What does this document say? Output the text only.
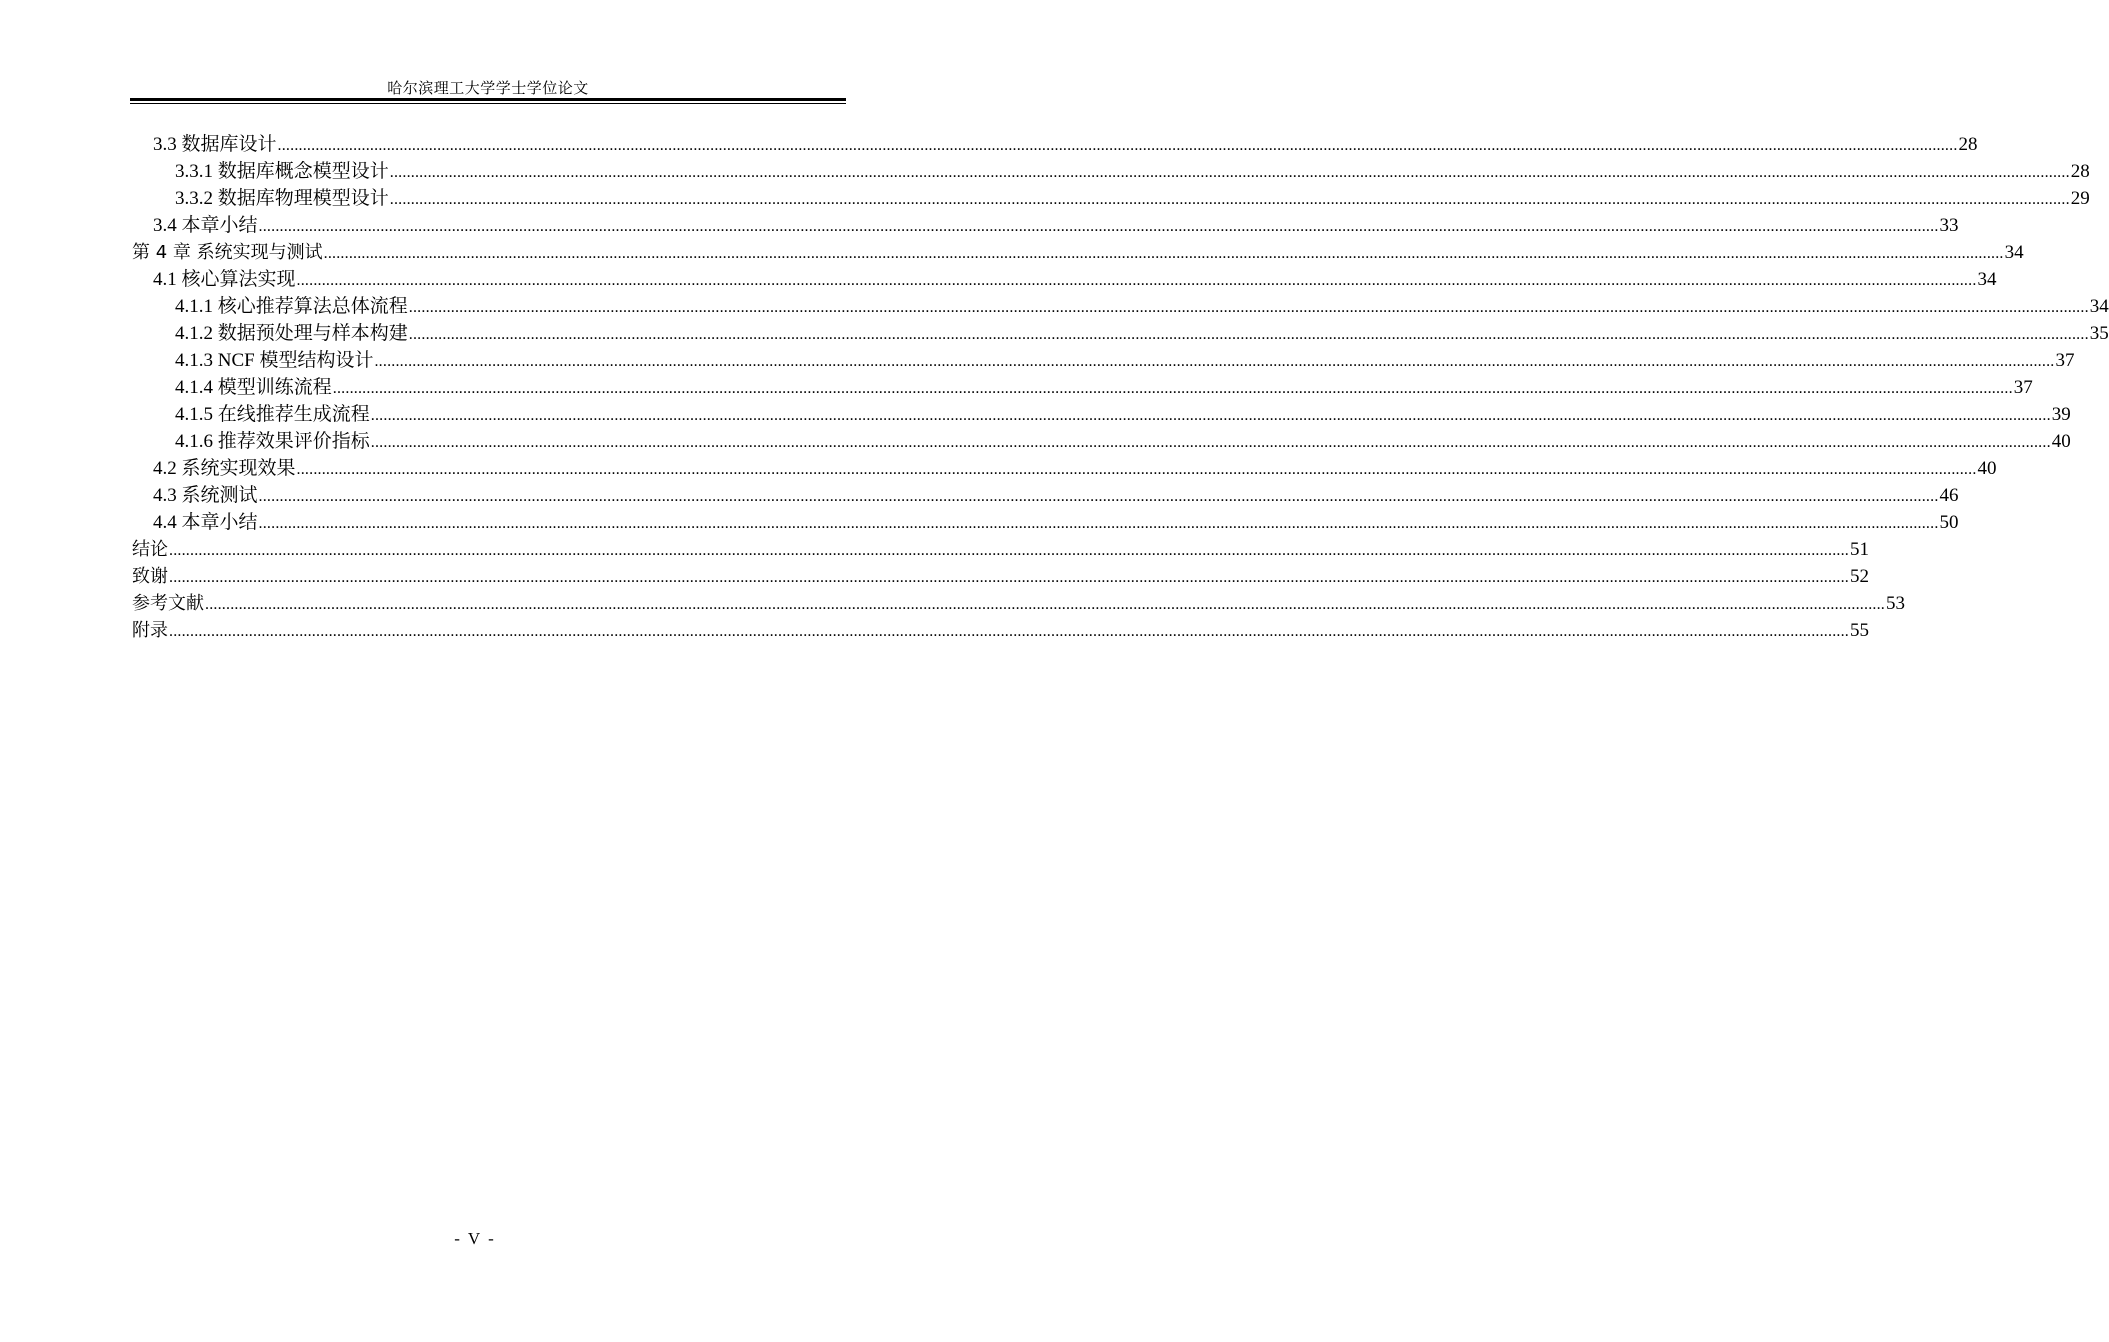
哈尔滨理工大学学士学位论文
3.3 数据库设计 ................................................................................................................................................................................................................................................................................................................................................................................................................ 28
3.3.1 数据库概念模型设计 ................................................................................................................................................................................................................................................................................................................................................................................................................ 28
3.3.2 数据库物理模型设计 ................................................................................................................................................................................................................................................................................................................................................................................................................ 29
3.4 本章小结 ................................................................................................................................................................................................................................................................................................................................................................................................................ 33
第 4 章 系统实现与测试 ................................................................................................................................................................................................................................................................................................................................................................................................................ 34
4.1 核心算法实现 ................................................................................................................................................................................................................................................................................................................................................................................................................ 34
4.1.1 核心推荐算法总体流程 ................................................................................................................................................................................................................................................................................................................................................................................................................ 34
4.1.2 数据预处理与样本构建 ................................................................................................................................................................................................................................................................................................................................................................................................................ 35
4.1.3 NCF 模型结构设计 ................................................................................................................................................................................................................................................................................................................................................................................................................ 37
4.1.4 模型训练流程 ................................................................................................................................................................................................................................................................................................................................................................................................................ 37
4.1.5 在线推荐生成流程 ................................................................................................................................................................................................................................................................................................................................................................................................................ 39
4.1.6 推荐效果评价指标 ................................................................................................................................................................................................................................................................................................................................................................................................................ 40
4.2 系统实现效果 ................................................................................................................................................................................................................................................................................................................................................................................................................ 40
4.3 系统测试 ................................................................................................................................................................................................................................................................................................................................................................................................................ 46
4.4 本章小结 ................................................................................................................................................................................................................................................................................................................................................................................................................ 50
结论 ................................................................................................................................................................................................................................................................................................................................................................................................................ 51
致谢 ................................................................................................................................................................................................................................................................................................................................................................................................................ 52
参考文献 ................................................................................................................................................................................................................................................................................................................................................................................................................ 53
附录 ................................................................................................................................................................................................................................................................................................................................................................................................................ 55
- V -
